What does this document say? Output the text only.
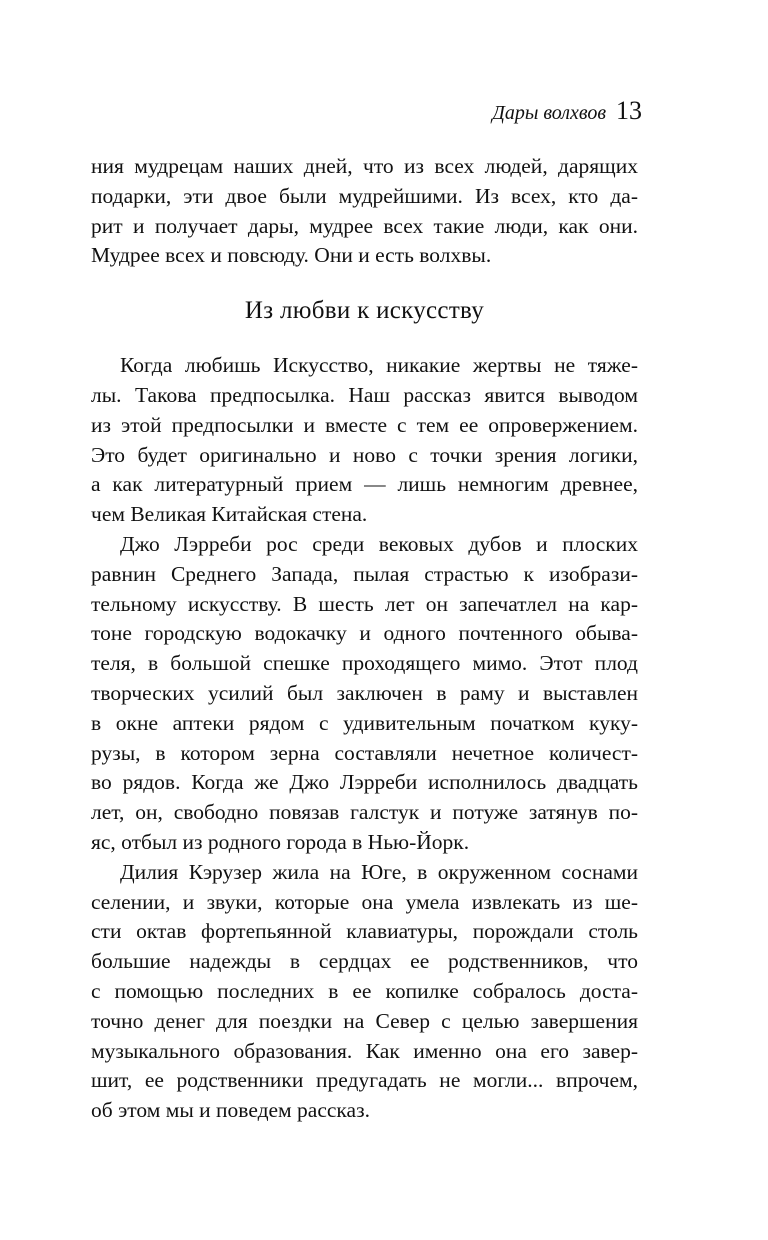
Дары волхвов 13
ния мудрецам наших дней, что из всех людей, дарящих
подарки, эти двое были мудрейшими. Из всех, кто да-
рит и получает дары, мудрее всех такие люди, как они.
Мудрее всех и повсюду. Они и есть волхвы.
Из любви к искусству
Когда любишь Искусство, никакие жертвы не тяже-
лы. Такова предпосылка. Наш рассказ явится выводом
из этой предпосылки и вместе с тем ее опровержением.
Это будет оригинально и ново с точки зрения логики,
а как литературный прием — лишь немногим древнее,
чем Великая Китайская стена.
Джо Лэрреби рос среди вековых дубов и плоских
равнин Среднего Запада, пылая страстью к изобрази-
тельному искусству. В шесть лет он запечатлел на кар-
тоне городскую водокачку и одного почтенного обыва-
теля, в большой спешке проходящего мимо. Этот плод
творческих усилий был заключен в раму и выставлен
в окне аптеки рядом с удивительным початком куку-
рузы, в котором зерна составляли нечетное количест-
во рядов. Когда же Джо Лэрреби исполнилось двадцать
лет, он, свободно повязав галстук и потуже затянув по-
яс, отбыл из родного города в Нью-Йорк.
Дилия Кэрузер жила на Юге, в окруженном соснами
селении, и звуки, которые она умела извлекать из ше-
сти октав фортепьянной клавиатуры, порождали столь
большие надежды в сердцах ее родственников, что
с помощью последних в ее копилке собралось доста-
точно денег для поездки на Север с целью завершения
музыкального образования. Как именно она его завер-
шит, ее родственники предугадать не могли... впрочем,
об этом мы и поведем рассказ.
